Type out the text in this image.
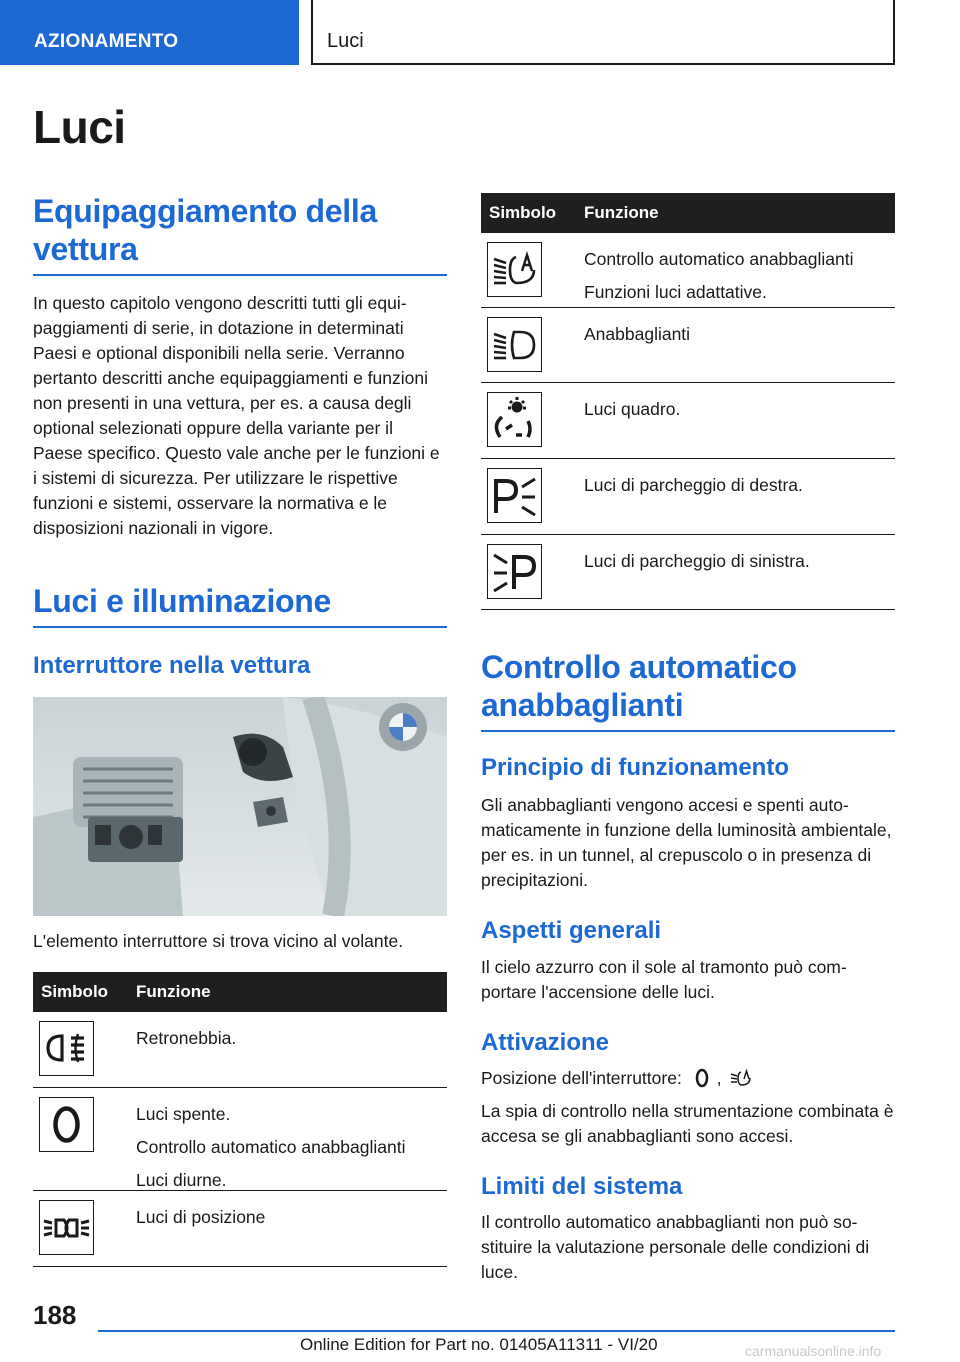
AZIONAMENTO	Luci
Luci
Equipaggiamento della vettura
In questo capitolo vengono descritti tutti gli equipaggiamenti di serie, in dotazione in determinati Paesi e optional disponibili nella serie. Verranno pertanto descritti anche equipaggiamenti e funzioni non presenti in una vettura, per es. a causa degli optional selezionati oppure della variante per il Paese specifico. Questo vale anche per le funzioni e i sistemi di sicurezza. Per utilizzare le rispettive funzioni e sistemi, osservare la normativa e le disposizioni nazionali in vigore.
Luci e illuminazione
Interruttore nella vettura
L'elemento interruttore si trova vicino al volante.
Simbolo Funzione
Retronebbia.
Luci spente.
Controllo automatico anabbaglianti
Luci diurne.
Luci di posizione
Simbolo Funzione
Controllo automatico anabbaglianti
Funzioni luci adattative.
Anabbaglianti
Luci quadro.
Luci di parcheggio di destra.
Luci di parcheggio di sinistra.
Controllo automatico anabbaglianti
Principio di funzionamento
Gli anabbaglianti vengono accesi e spenti automaticamente in funzione della luminosità ambientale, per es. in un tunnel, al crepuscolo o in presenza di precipitazioni.
Aspetti generali
Il cielo azzurro con il sole al tramonto può comportare l'accensione delle luci.
Attivazione
Posizione dell'interruttore: ,
La spia di controllo nella strumentazione combinata è accesa se gli anabbaglianti sono accesi.
Limiti del sistema
Il controllo automatico anabbaglianti non può sostituire la valutazione personale delle condizioni di luce.
188
Online Edition for Part no. 01405A11311 - VI/20	carmanualsonline.info
